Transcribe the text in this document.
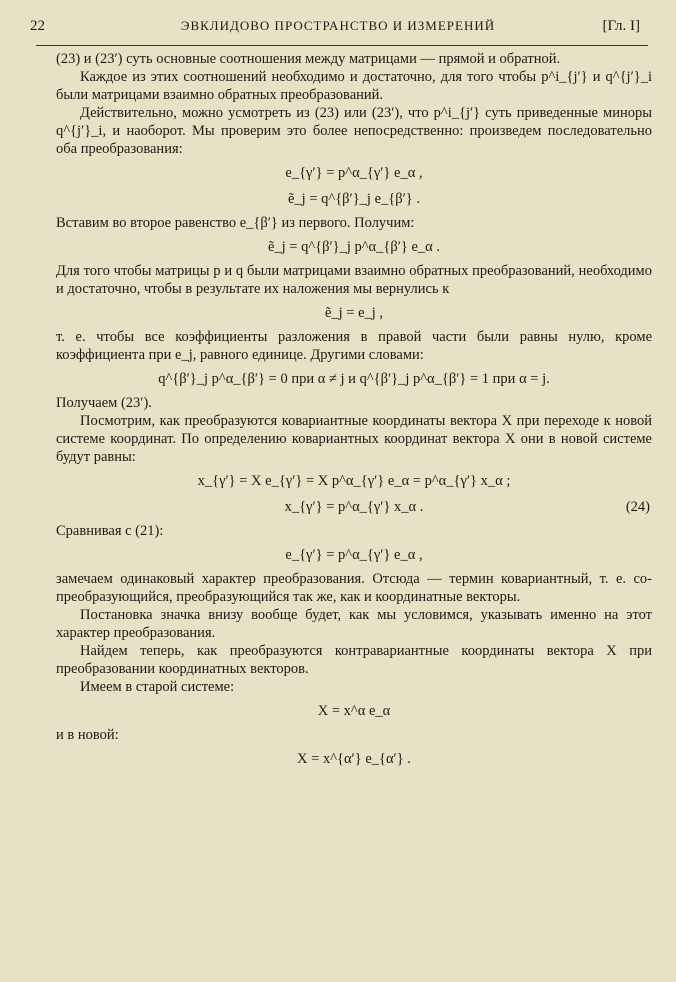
22	ЭВКЛИДОВО ПРОСТРАНСТВО И ИЗМЕРЕНИЙ	[Гл. I]

(23) и (23′) суть основные соотношения между матрицами — прямой и обратной.

Каждое из этих соотношений необходимо и достаточно, для того чтобы p^i_{j′} и q^{j′}_i были матрицами взаимно обратных преобразований.

Действительно, можно усмотреть из (23) или (23′), что p^i_{j′} суть приведенные миноры q^{j′}_i, и наоборот. Мы проверим это более непосредственно: произведем последовательно оба преобразования:

e_{γ′} = p^α_{γ′} e_α ,
ẽ_j = q^{β′}_j e_{β′} .

Вставим во второе равенство e_{β′} из первого. Получим:

ẽ_j = q^{β′}_j p^α_{β′} e_α .

Для того чтобы матрицы p и q были матрицами взаимно обратных преобразований, необходимо и достаточно, чтобы в результате их наложения мы вернулись к

ẽ_j = e_j ,

т. е. чтобы все коэффициенты разложения в правой части были равны нулю, кроме коэффициента при e_j, равного единице. Другими словами:

q^{β′}_j p^α_{β′} = 0 при α ≠ j и q^{β′}_j p^α_{β′} = 1 при α = j.

Получаем (23′).

Посмотрим, как преобразуются ковариантные координаты вектора X при переходе к новой системе координат. По определению ковариантных координат вектора X они в новой системе будут равны:

x_{γ′} = X e_{γ′} = X p^α_{γ′} e_α = p^α_{γ′} x_α ;
x_{γ′} = p^α_{γ′} x_α .	(24)

Сравнивая с (21):

e_{γ′} = p^α_{γ′} e_α ,

замечаем одинаковый характер преобразования. Отсюда — термин ковариантный, т. е. со-преобразующийся, преобразующийся так же, как и координатные векторы.

Постановка значка внизу вообще будет, как мы условимся, указывать именно на этот характер преобразования.

Найдем теперь, как преобразуются контравариантные координаты вектора X при преобразовании координатных векторов.

Имеем в старой системе:

X = x^α e_α

и в новой:

X = x^{α′} e_{α′} .
